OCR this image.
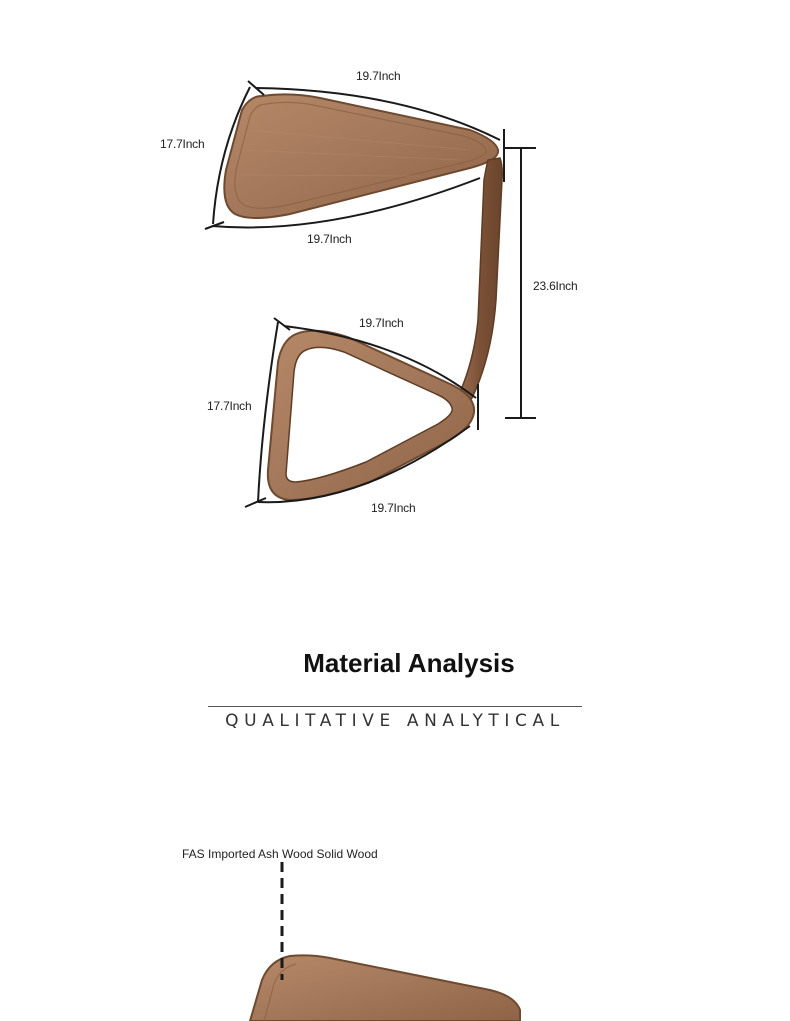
19.7Inch
17.7Inch
19.7Inch
23.6Inch
19.7Inch
17.7Inch
19.7Inch
Material Analysis
QUALITATIVE ANALYTICAL
FAS Imported Ash Wood Solid Wood
